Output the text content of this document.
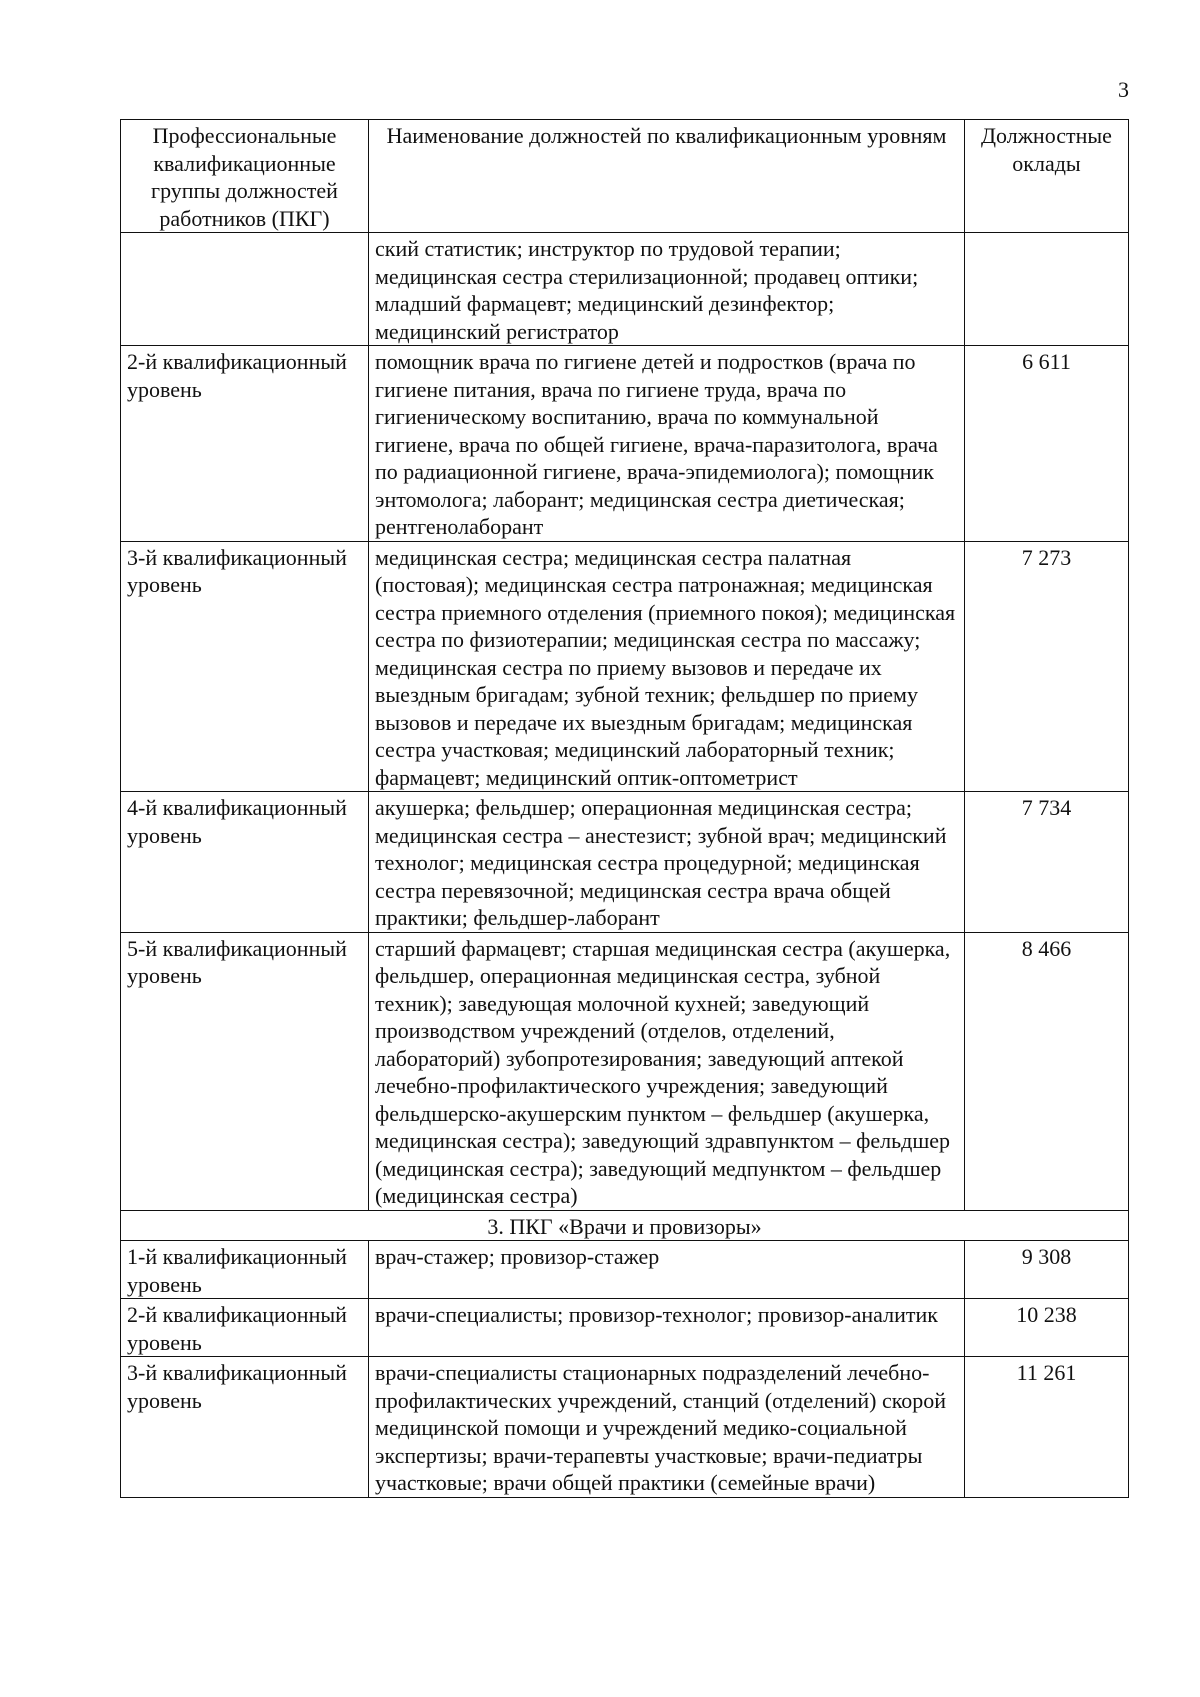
3
Профессиональные квалификационные группы должностей работников (ПКГ)	Наименование должностей по квалификационным уровням	Должностные оклады
	ский статистик; инструктор по трудовой терапии; медицинская сестра стерилизационной; продавец оптики; младший фармацевт; медицинский дезинфектор; медицинский регистратор	
2-й квалификационный уровень	помощник врача по гигиене детей и подростков (врача по гигиене питания, врача по гигиене труда, врача по гигиеническому воспитанию, врача по коммунальной гигиене, врача по общей гигиене, врача-паразитолога, врача по радиационной гигиене, врача-эпидемиолога); помощник энтомолога; лаборант; медицинская сестра диетическая; рентгенолаборант	6 611
3-й квалификационный уровень	медицинская сестра; медицинская сестра палатная (постовая); медицинская сестра патронажная; медицинская сестра приемного отделения (приемного покоя); медицинская сестра по физиотерапии; медицинская сестра по массажу; медицинская сестра по приему вызовов и передаче их выездным бригадам; зубной техник; фельдшер по приему вызовов и передаче их выездным бригадам; медицинская сестра участковая; медицинский лабораторный техник; фармацевт; медицинский оптик-оптометрист	7 273
4-й квалификационный уровень	акушерка; фельдшер; операционная медицинская сестра; медицинская сестра – анестезист; зубной врач; медицинский технолог; медицинская сестра процедурной; медицинская сестра перевязочной; медицинская сестра врача общей практики; фельдшер-лаборант	7 734
5-й квалификационный уровень	старший фармацевт; старшая медицинская сестра (акушерка, фельдшер, операционная медицинская сестра, зубной техник); заведующая молочной кухней; заведующий производством учреждений (отделов, отделений, лабораторий) зубопротезирования; заведующий аптекой лечебно-профилактического учреждения; заведующий фельдшерско-акушерским пунктом – фельдшер (акушерка, медицинская сестра); заведующий здравпунктом – фельдшер (медицинская сестра); заведующий медпунктом – фельдшер (медицинская сестра)	8 466
3. ПКГ «Врачи и провизоры»		
1-й квалификационный уровень	врач-стажер; провизор-стажер	9 308
2-й квалификационный уровень	врачи-специалисты; провизор-технолог; провизор-аналитик	10 238
3-й квалификационный уровень	врачи-специалисты стационарных подразделений лечебно-профилактических учреждений, станций (отделений) скорой медицинской помощи и учреждений медико-социальной экспертизы; врачи-терапевты участковые; врачи-педиатры участковые; врачи общей практики (семейные врачи)	11 261
